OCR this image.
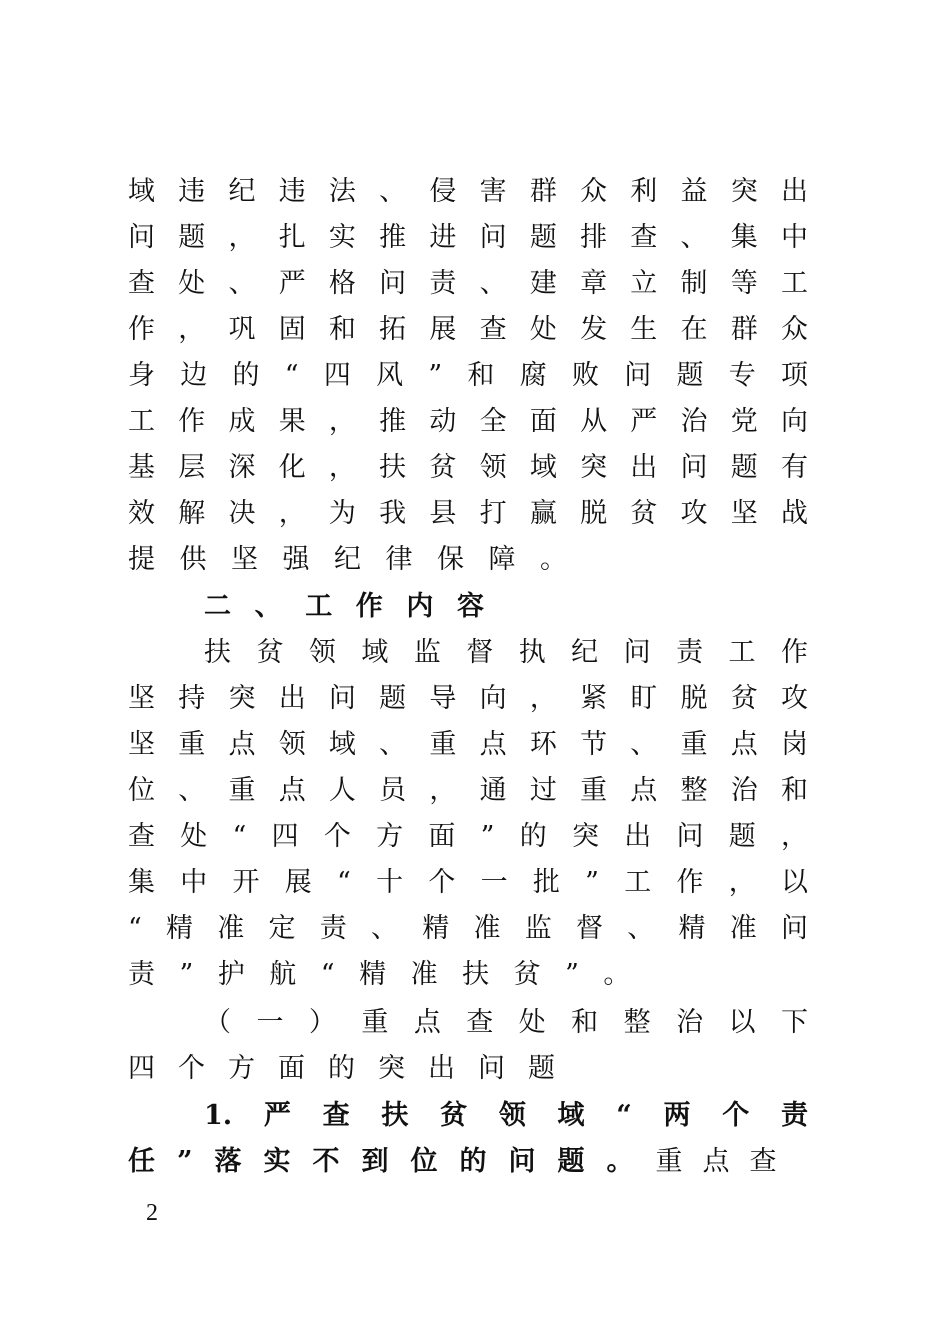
域违纪违法、侵害群众利益突出
问题，扎实推进问题排查、集中
查处、严格问责、建章立制等工
作，巩固和拓展查处发生在群众
身边的“四风”和腐败问题专项
工作成果，推动全面从严治党向
基层深化，扶贫领域突出问题有
效解决，为我县打赢脱贫攻坚战
提供坚强纪律保障。
二、工作内容
扶贫领域监督执纪问责工作
坚持突出问题导向，紧盯脱贫攻
坚重点领域、重点环节、重点岗
位、重点人员，通过重点整治和
查处“四个方面”的突出问题，
集中开展“十个一批”工作，以
“精准定责、精准监督、精准问
责”护航“精准扶贫”。
（一）重点查处和整治以下
四个方面的突出问题
1.严查扶贫领域“两个责
任”落实不到位的问题。重点查
2
